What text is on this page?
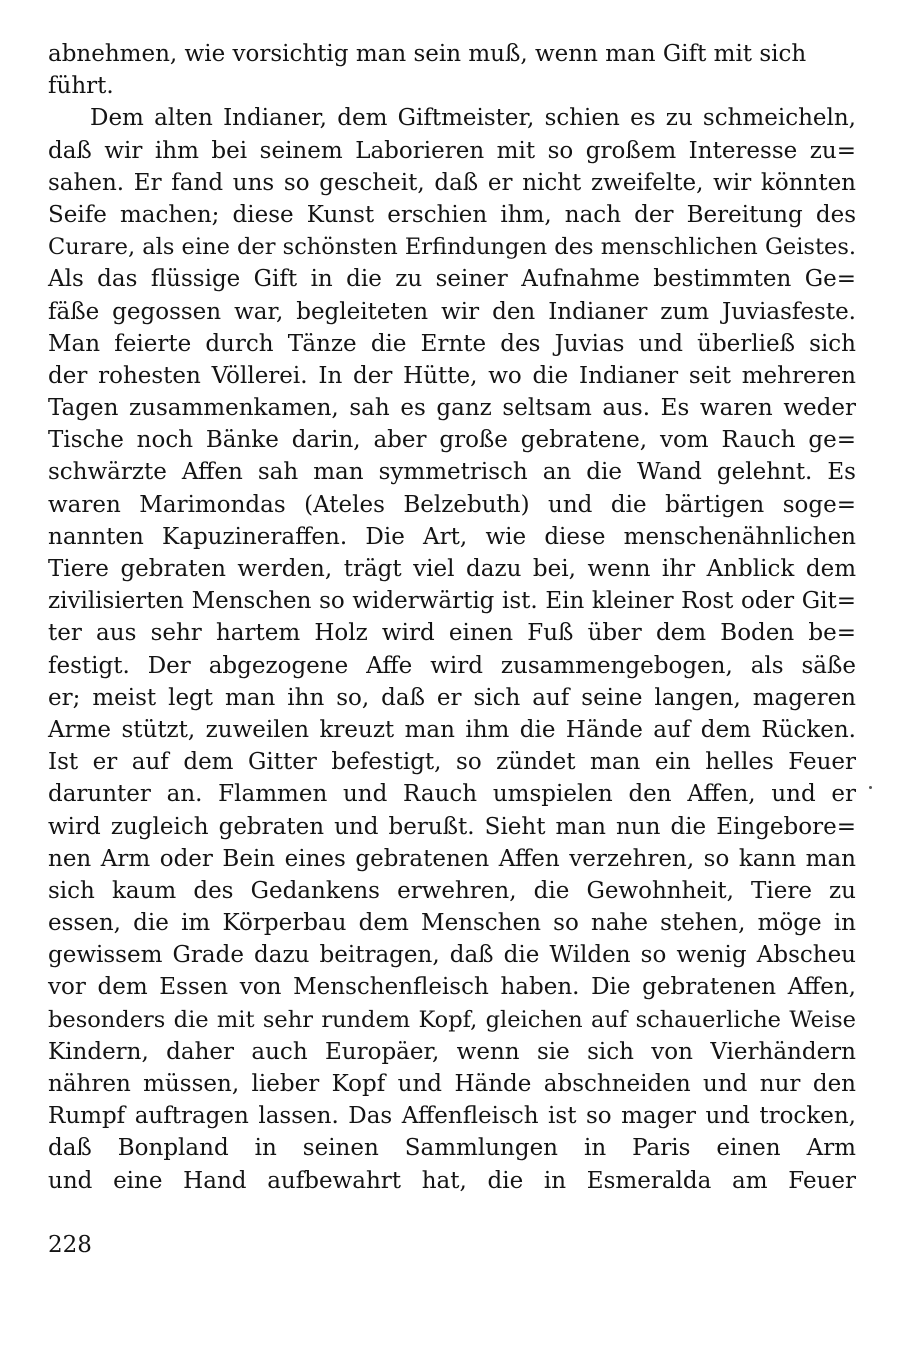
abnehmen, wie vorsichtig man sein muß, wenn man Gift mit sich
führt.
Dem alten Indianer, dem Giftmeister, schien es zu schmeicheln,
daß wir ihm bei seinem Laborieren mit so großem Interesse zu=
sahen. Er fand uns so gescheit, daß er nicht zweifelte, wir könnten
Seife machen; diese Kunst erschien ihm, nach der Bereitung des
Curare, als eine der schönsten Erfindungen des menschlichen Geistes.
Als das flüssige Gift in die zu seiner Aufnahme bestimmten Ge=
fäße gegossen war, begleiteten wir den Indianer zum Juviasfeste.
Man feierte durch Tänze die Ernte des Juvias und überließ sich
der rohesten Völlerei. In der Hütte, wo die Indianer seit mehreren
Tagen zusammenkamen, sah es ganz seltsam aus. Es waren weder
Tische noch Bänke darin, aber große gebratene, vom Rauch ge=
schwärzte Affen sah man symmetrisch an die Wand gelehnt. Es
waren Marimondas (Ateles Belzebuth) und die bärtigen soge=
nannten Kapuzineraffen. Die Art, wie diese menschenähnlichen
Tiere gebraten werden, trägt viel dazu bei, wenn ihr Anblick dem
zivilisierten Menschen so widerwärtig ist. Ein kleiner Rost oder Git=
ter aus sehr hartem Holz wird einen Fuß über dem Boden be=
festigt. Der abgezogene Affe wird zusammengebogen, als säße
er; meist legt man ihn so, daß er sich auf seine langen, mageren
Arme stützt, zuweilen kreuzt man ihm die Hände auf dem Rücken.
Ist er auf dem Gitter befestigt, so zündet man ein helles Feuer
darunter an. Flammen und Rauch umspielen den Affen, und er
wird zugleich gebraten und berußt. Sieht man nun die Eingebore=
nen Arm oder Bein eines gebratenen Affen verzehren, so kann man
sich kaum des Gedankens erwehren, die Gewohnheit, Tiere zu
essen, die im Körperbau dem Menschen so nahe stehen, möge in
gewissem Grade dazu beitragen, daß die Wilden so wenig Abscheu
vor dem Essen von Menschenfleisch haben. Die gebratenen Affen,
besonders die mit sehr rundem Kopf, gleichen auf schauerliche Weise
Kindern, daher auch Europäer, wenn sie sich von Vierhändern
nähren müssen, lieber Kopf und Hände abschneiden und nur den
Rumpf auftragen lassen. Das Affenfleisch ist so mager und trocken,
daß Bonpland in seinen Sammlungen in Paris einen Arm
und eine Hand aufbewahrt hat, die in Esmeralda am Feuer
228
